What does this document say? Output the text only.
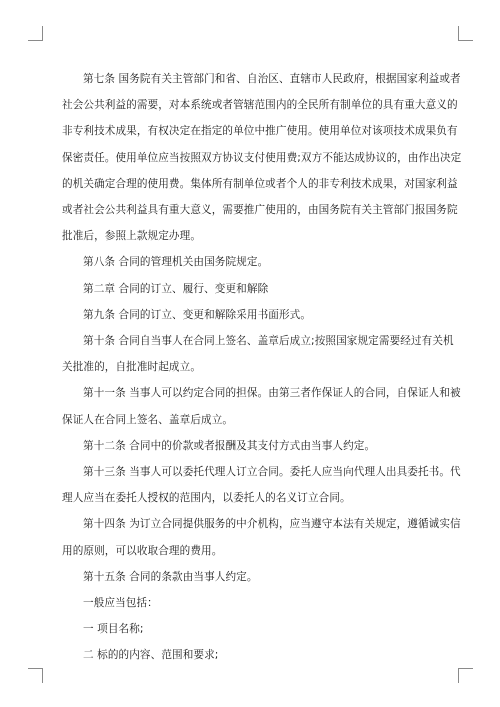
第七条 国务院有关主管部门和省、自治区、直辖市人民政府，根据国家利益或者
社会公共利益的需要，对本系统或者管辖范围内的全民所有制单位的具有重大意义的
非专利技术成果，有权决定在指定的单位中推广使用。使用单位对该项技术成果负有
保密责任。使用单位应当按照双方协议支付使用费;双方不能达成协议的，由作出决定
的机关确定合理的使用费。集体所有制单位或者个人的非专利技术成果，对国家利益
或者社会公共利益具有重大意义，需要推广使用的，由国务院有关主管部门报国务院
批准后，参照上款规定办理。

第八条 合同的管理机关由国务院规定。

第二章 合同的订立、履行、变更和解除

第九条 合同的订立、变更和解除采用书面形式。

第十条 合同自当事人在合同上签名、盖章后成立;按照国家规定需要经过有关机
关批准的，自批准时起成立。

第十一条 当事人可以约定合同的担保。由第三者作保证人的合同，自保证人和被
保证人在合同上签名、盖章后成立。

第十二条 合同中的价款或者报酬及其支付方式由当事人约定。

第十三条 当事人可以委托代理人订立合同。委托人应当向代理人出具委托书。代
理人应当在委托人授权的范围内，以委托人的名义订立合同。

第十四条 为订立合同提供服务的中介机构，应当遵守本法有关规定，遵循诚实信
用的原则，可以收取合理的费用。

第十五条 合同的条款由当事人约定。

一般应当包括：

一 项目名称;

二 标的的内容、范围和要求;
